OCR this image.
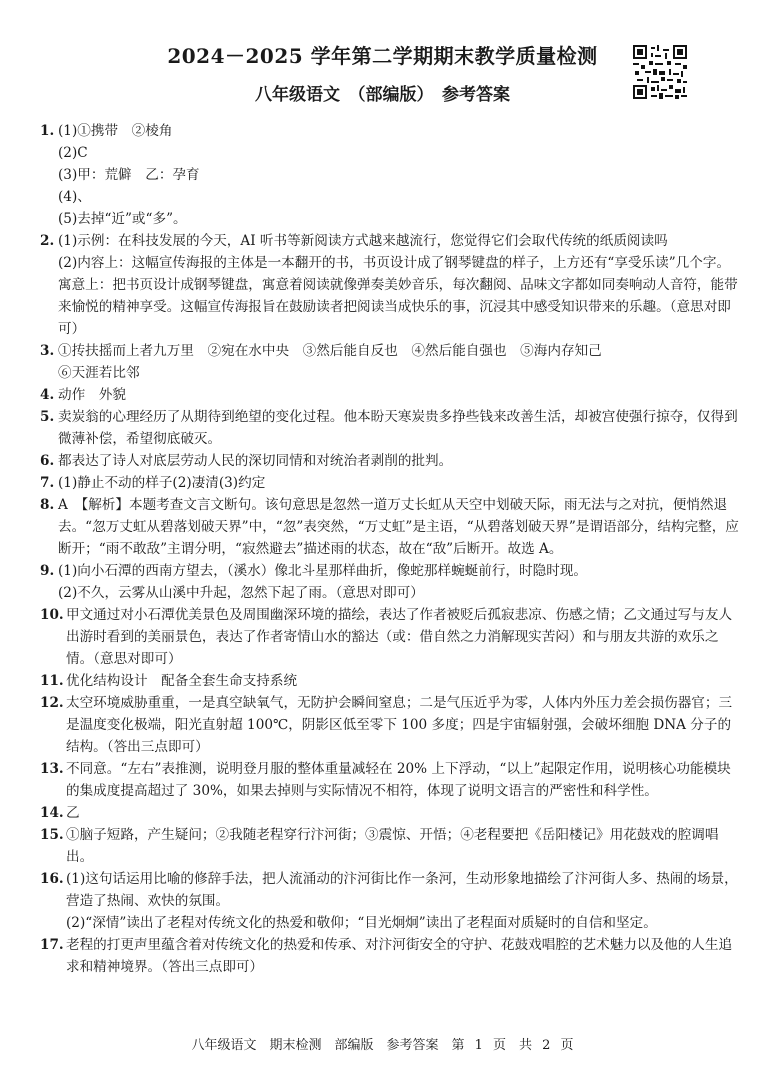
2024－2025 学年第二学期期末教学质量检测
八年级语文　（部编版）　参考答案
1. (1)①携带　②棱角
(2)C
(3)甲：荒僻　乙：孕育
(4)、
(5)去掉“近”或“多”。
2. (1)示例：在科技发展的今天，AI 听书等新阅读方式越来越流行，您觉得它们会取代传统的纸质阅读吗
(2)内容上：这幅宣传海报的主体是一本翻开的书，书页设计成了钢琴键盘的样子，上方还有“享受乐读”几个字。寓意上：把书页设计成钢琴键盘，寓意着阅读就像弹奏美妙音乐，每次翻阅、品味文字都如同奏响动人音符，能带来愉悦的精神享受。这幅宣传海报旨在鼓励读者把阅读当成快乐的事，沉浸其中感受知识带来的乐趣。（意思对即可）
3. ①抟扶摇而上者九万里　②宛在水中央　③然后能自反也　④然后能自强也　⑤海内存知己
⑥天涯若比邻
4. 动作　外貌
5. 卖炭翁的心理经历了从期待到绝望的变化过程。他本盼天寒炭贵多挣些钱来改善生活，却被宫使强行掠夺，仅得到微薄补偿，希望彻底破灭。
6. 都表达了诗人对底层劳动人民的深切同情和对统治者剥削的批判。
7. (1)静止不动的样子(2)凄清(3)约定
8. A　【解析】本题考查文言文断句。该句意思是忽然一道万丈长虹从天空中划破天际，雨无法与之对抗，便悄然退去。“忽万丈虹从碧落划破天界”中，“忽”表突然，“万丈虹”是主语，“从碧落划破天界”是谓语部分，结构完整，应断开；“雨不敢敌”主谓分明，“寂然避去”描述雨的状态，故在“敌”后断开。故选 A。
9. (1)向小石潭的西南方望去，（溪水）像北斗星那样曲折，像蛇那样蜿蜒前行，时隐时现。
(2)不久，云雾从山溪中升起，忽然下起了雨。（意思对即可）
10. 甲文通过对小石潭优美景色及周围幽深环境的描绘，表达了作者被贬后孤寂悲凉、伤感之情；乙文通过写与友人出游时看到的美丽景色，表达了作者寄情山水的豁达（或：借自然之力消解现实苦闷）和与朋友共游的欢乐之情。（意思对即可）
11. 优化结构设计　配备全套生命支持系统
12. 太空环境威胁重重，一是真空缺氧气，无防护会瞬间窒息；二是气压近乎为零，人体内外压力差会损伤器官；三是温度变化极端，阳光直射超 100℃，阴影区低至零下 100 多度；四是宇宙辐射强，会破坏细胞 DNA 分子的结构。（答出三点即可）
13. 不同意。“左右”表推测，说明登月服的整体重量减轻在 20% 上下浮动，“以上”起限定作用，说明核心功能模块的集成度提高超过了 30%，如果去掉则与实际情况不相符，体现了说明文语言的严密性和科学性。
14. 乙
15. ①脑子短路，产生疑问；②我随老程穿行汴河街；③震惊、开悟；④老程要把《岳阳楼记》用花鼓戏的腔调唱出。
16. (1)这句话运用比喻的修辞手法，把人流涌动的汴河街比作一条河，生动形象地描绘了汴河街人多、热闹的场景，营造了热闹、欢快的氛围。
(2)“深情”读出了老程对传统文化的热爱和敬仰；“目光炯炯”读出了老程面对质疑时的自信和坚定。
17. 老程的打更声里蕴含着对传统文化的热爱和传承、对汴河街安全的守护、花鼓戏唱腔的艺术魅力以及他的人生追求和精神境界。（答出三点即可）
八年级语文　期末检测　部编版　参考答案　第 1 页　共 2 页
